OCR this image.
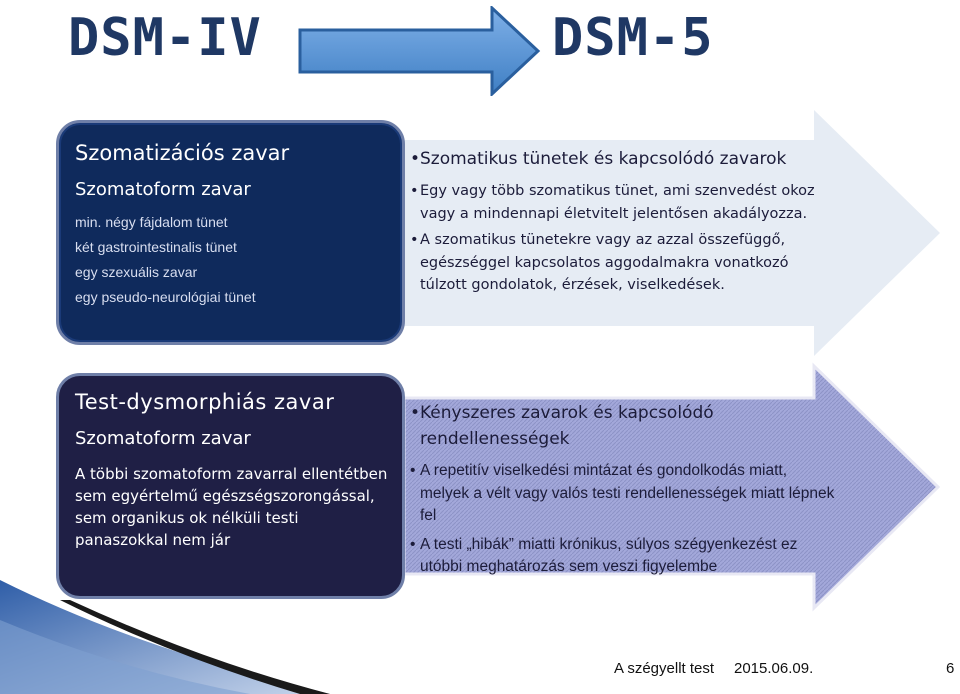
DSM-IV	DSM-5
Szomatizációs zavar
Szomatoform zavar
min. négy fájdalom tünet
két gastrointestinalis tünet
egy szexuális zavar
egy pseudo-neurológiai tünet
• Szomatikus tünetek és kapcsolódó zavarok
• Egy vagy több szomatikus tünet, ami szenvedést okoz vagy a mindennapi életvitelt jelentősen akadályozza.
• A szomatikus tünetekre vagy az azzal összefüggő, egészséggel kapcsolatos aggodalmakra vonatkozó túlzott gondolatok, érzések, viselkedések.
Test-dysmorphiás zavar
Szomatoform zavar
A többi szomatoform zavarral ellentétben sem egyértelmű egészségszorongással, sem organikus ok nélküli testi panaszokkal nem jár
• Kényszeres zavarok és kapcsolódó rendellenességek
• A repetitív viselkedési mintázat és gondolkodás miatt, melyek a vélt vagy valós testi rendellenességek miatt lépnek fel
• A testi „hibák” miatti krónikus, súlyos szégyenkezést ez utóbbi meghatározás sem veszi figyelembe
A szégyellt test 2015.06.09.	6
